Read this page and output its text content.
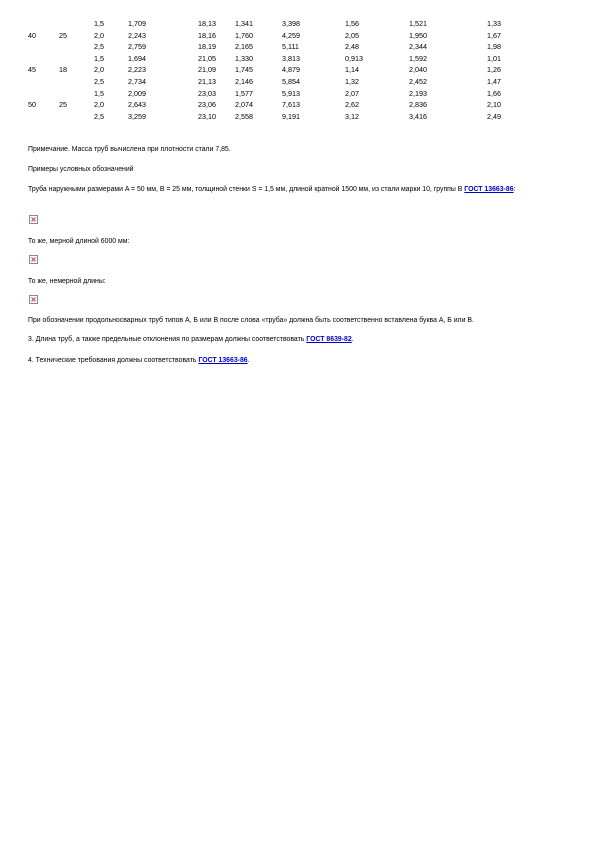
		1,5	1,709	18,13	1,341	3,398	1,56	1,521	1,33
40	25	2,0	2,243	18,16	1,760	4,259	2,05	1,950	1,67
		2,5	2,759	18,19	2,165	5,111	2,48	2,344	1,98
		1,5	1,694	21,05	1,330	3,813	0,913	1,592	1,01
45	18	2,0	2,223	21,09	1,745	4,879	1,14	2,040	1,26
		2,5	2,734	21,13	2,146	5,854	1,32	2,452	1,47
		1,5	2,009	23,03	1,577	5,913	2,07	2,193	1,66
50	25	2,0	2,643	23,06	2,074	7,613	2,62	2,836	2,10
		2,5	3,259	23,10	2,558	9,191	3,12	3,416	2,49

Примечание. Масса труб вычислена при плотности стали 7,85.

Примеры условных обозначений

Труба наружными размерами A = 50 мм, B = 25 мм, толщиной стенки S = 1,5 мм, длиной кратной 1500 мм, из стали марки 10, группы В ГОСТ 13663-86:

То же, мерной длиной 6000 мм:

То же, немерной длины:

При обозначении продольносварных труб типов А, Б или В после слова «труба» должна быть соответственно вставлена буква А, Б или В.

3. Длина труб, а также предельные отклонения по размерам должны соответствовать ГОСТ 8639-82.

4. Технические требования должны соответствовать ГОСТ 13663-86.
